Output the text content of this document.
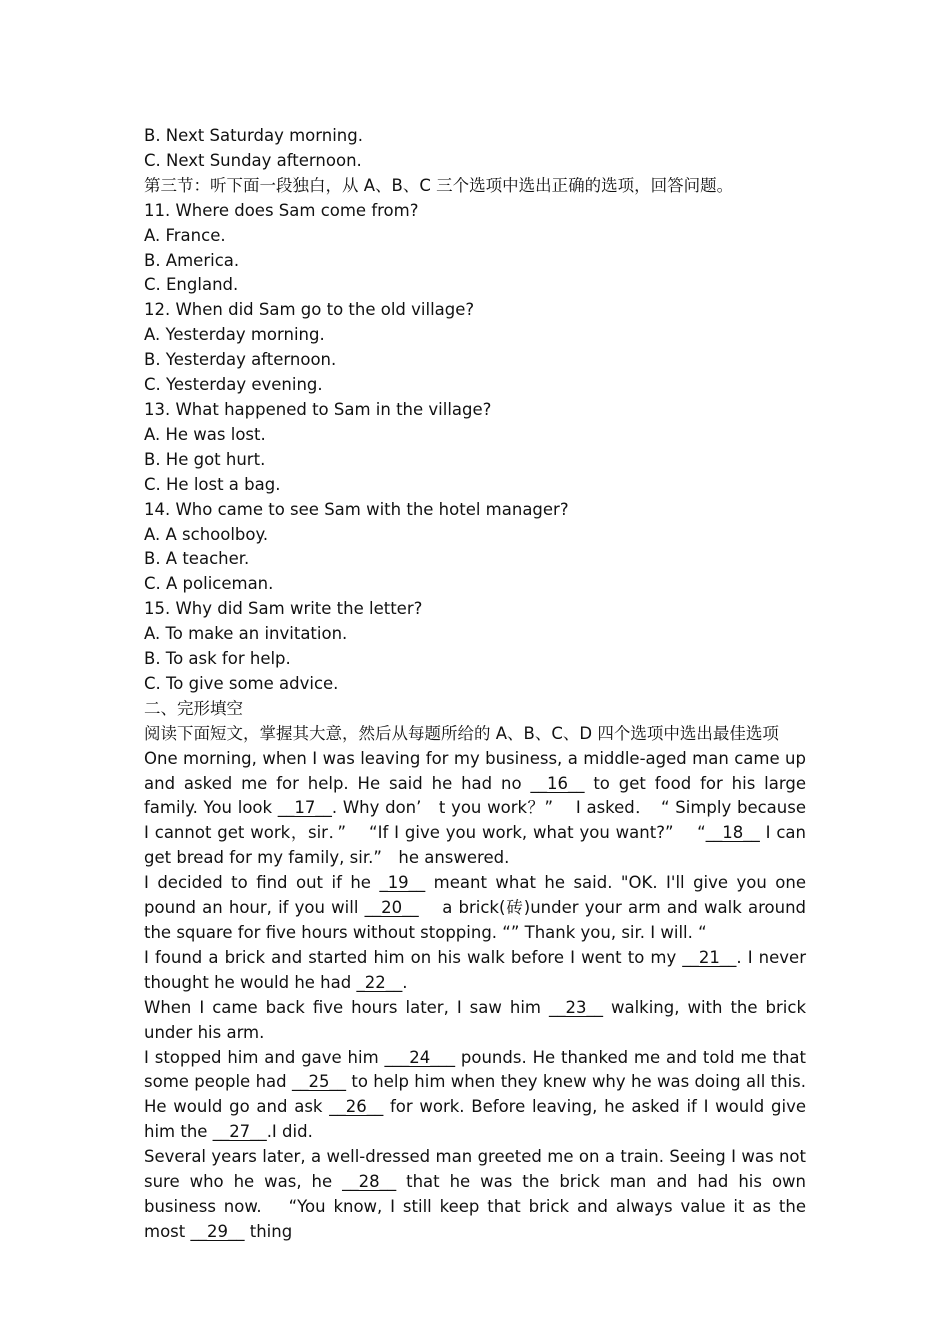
B. Next Saturday morning.
C. Next Sunday afternoon.
第三节：听下面一段独白，从 A、B、C 三个选项中选出正确的选项，回答问题。
11. Where does Sam come from?
A. France.
B. America.
C. England.
12. When did Sam go to the old village?
A. Yesterday morning.
B. Yesterday afternoon.
C. Yesterday evening.
13. What happened to Sam in the village?
A. He was lost.
B. He got hurt.
C. He lost a bag.
14. Who came to see Sam with the hotel manager?
A. A schoolboy.
B. A teacher.
C. A policeman.
15. Why did Sam write the letter?
A. To make an invitation.
B. To ask for help.
C. To give some advice.
二、完形填空
阅读下面短文，掌握其大意，然后从每题所给的 A、B、C、D 四个选项中选出最佳选项
One morning, when I was leaving for my business, a middle-aged man came up and asked me for help. He said he had no __16__ to get food for his large family. You look __17__. Why don’　t you work？” 　I asked．　“ Simply because I cannot get work，sir．” 　“If I give you work, what you want?”　 “__18__ I can get bread for my family, sir.”　he answered.
I decided to find out if he _19__ meant what he said. "OK. I'll give you one pound an hour, if you will __20__ 　a brick(砖)under your arm and walk around the square for five hours without stopping. “” Thank you, sir. I will. “
I found a brick and started him on his walk before I went to my __21__. I never thought he would he had _22__.
When I came back five hours later, I saw him __23__ walking, with the brick under his arm.
I stopped him and gave him ___24___ pounds. He thanked me and told me that some people had __25__ to help him when they knew why he was doing all this. He would go and ask __26__ for work. Before leaving, he asked if I would give him the __27__.I did.
Several years later, a well-dressed man greeted me on a train. Seeing I was not sure who he was, he __28__ that he was the brick man and had his own business now. 　“You know, I still keep that brick and always value it as the most __29__ thing
